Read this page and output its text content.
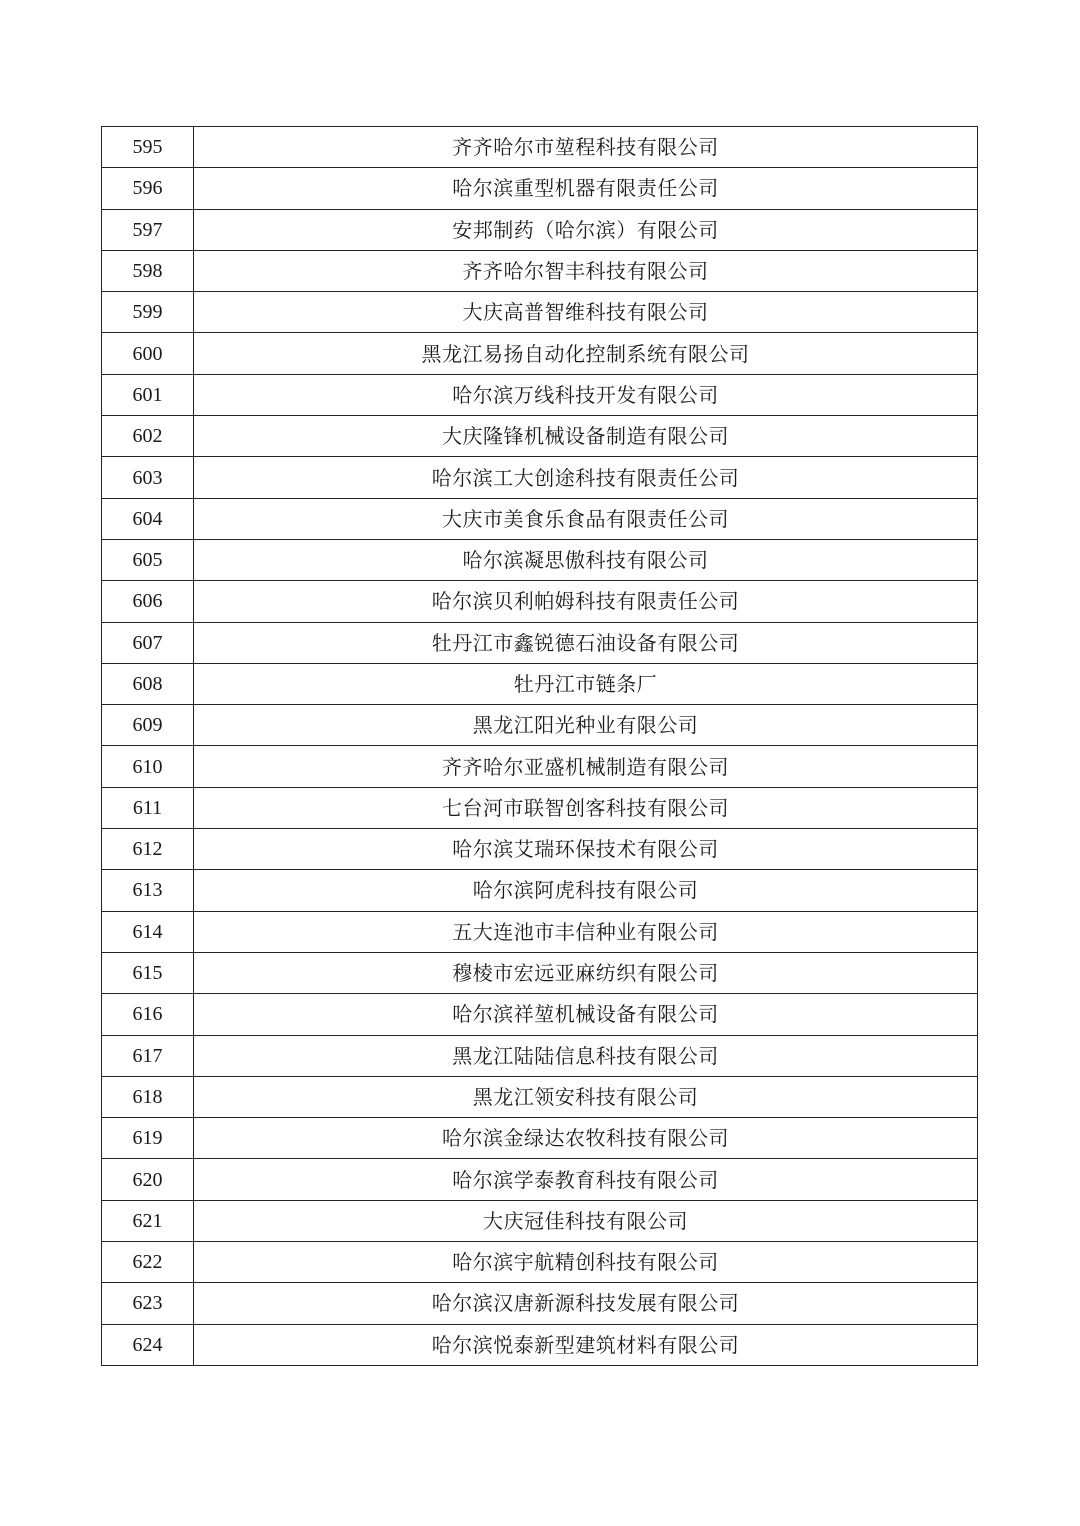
595	齐齐哈尔市堃程科技有限公司
596	哈尔滨重型机器有限责任公司
597	安邦制药（哈尔滨）有限公司
598	齐齐哈尔智丰科技有限公司
599	大庆高普智维科技有限公司
600	黑龙江易扬自动化控制系统有限公司
601	哈尔滨万线科技开发有限公司
602	大庆隆锋机械设备制造有限公司
603	哈尔滨工大创途科技有限责任公司
604	大庆市美食乐食品有限责任公司
605	哈尔滨凝思傲科技有限公司
606	哈尔滨贝利帕姆科技有限责任公司
607	牡丹江市鑫锐德石油设备有限公司
608	牡丹江市链条厂
609	黑龙江阳光种业有限公司
610	齐齐哈尔亚盛机械制造有限公司
611	七台河市联智创客科技有限公司
612	哈尔滨艾瑞环保技术有限公司
613	哈尔滨阿虎科技有限公司
614	五大连池市丰信种业有限公司
615	穆棱市宏远亚麻纺织有限公司
616	哈尔滨祥堃机械设备有限公司
617	黑龙江陆陆信息科技有限公司
618	黑龙江领安科技有限公司
619	哈尔滨金绿达农牧科技有限公司
620	哈尔滨学泰教育科技有限公司
621	大庆冠佳科技有限公司
622	哈尔滨宇航精创科技有限公司
623	哈尔滨汉唐新源科技发展有限公司
624	哈尔滨悦泰新型建筑材料有限公司
